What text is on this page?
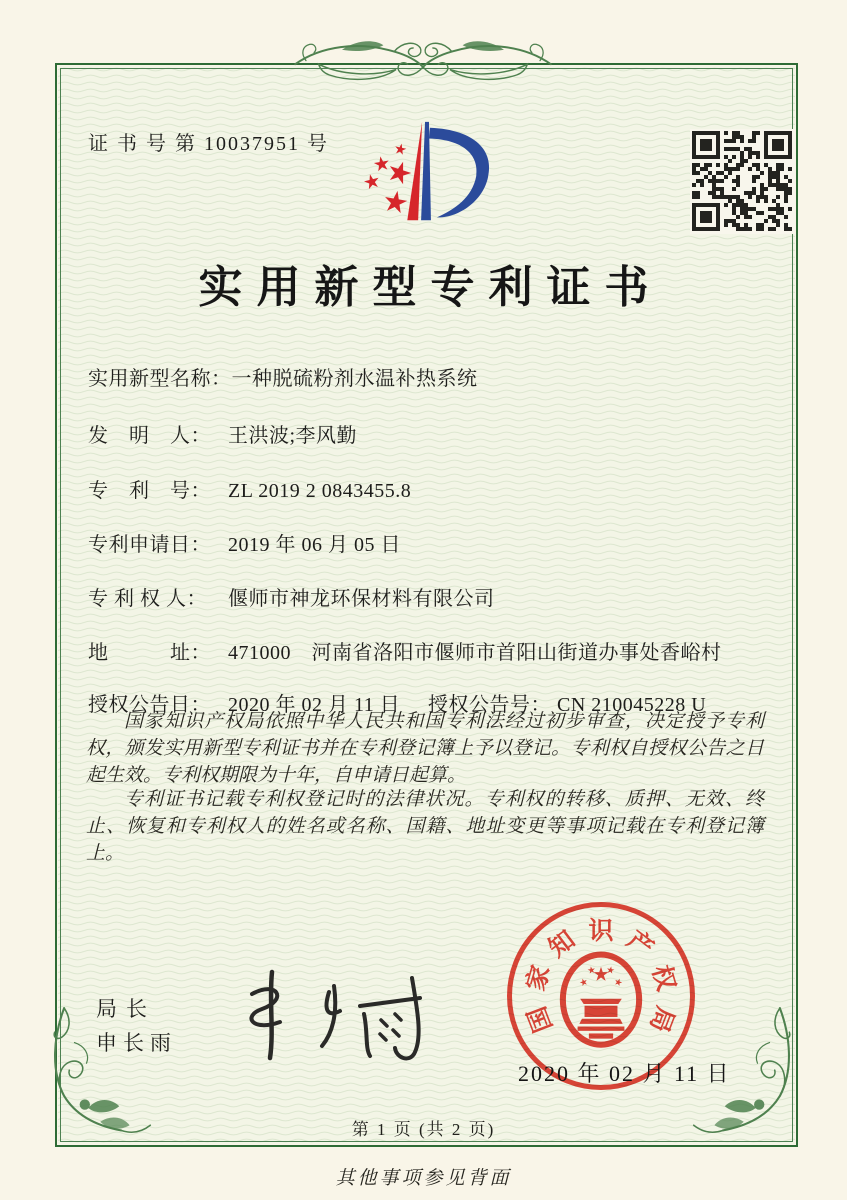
证 书 号 第 10037951 号
实用新型专利证书
实用新型名称：一种脱硫粉剂水温补热系统
发　明　人： 王洪波;李风勤
专　利　号： ZL 2019 2 0843455.8
专利申请日： 2019 年 06 月 05 日
专 利 权 人： 偃师市神龙环保材料有限公司
地　　　址： 471000　河南省洛阳市偃师市首阳山街道办事处香峪村
授权公告日： 2020 年 02 月 11 日 授权公告号： CN 210045228 U

国家知识产权局依照中华人民共和国专利法经过初步审查，决定授予专利权，颁发实用新型专利证书并在专利登记簿上予以登记。专利权自授权公告之日起生效。专利权期限为十年，自申请日起算。

专利证书记载专利权登记时的法律状况。专利权的转移、质押、无效、终止、恢复和专利权人的姓名或名称、国籍、地址变更等事项记载在专利登记簿上。

局长
申长雨
国
家
知 识 产
权
局
2020 年 02 月 11 日
第 1 页 (共 2 页)
其他事项参见背面
